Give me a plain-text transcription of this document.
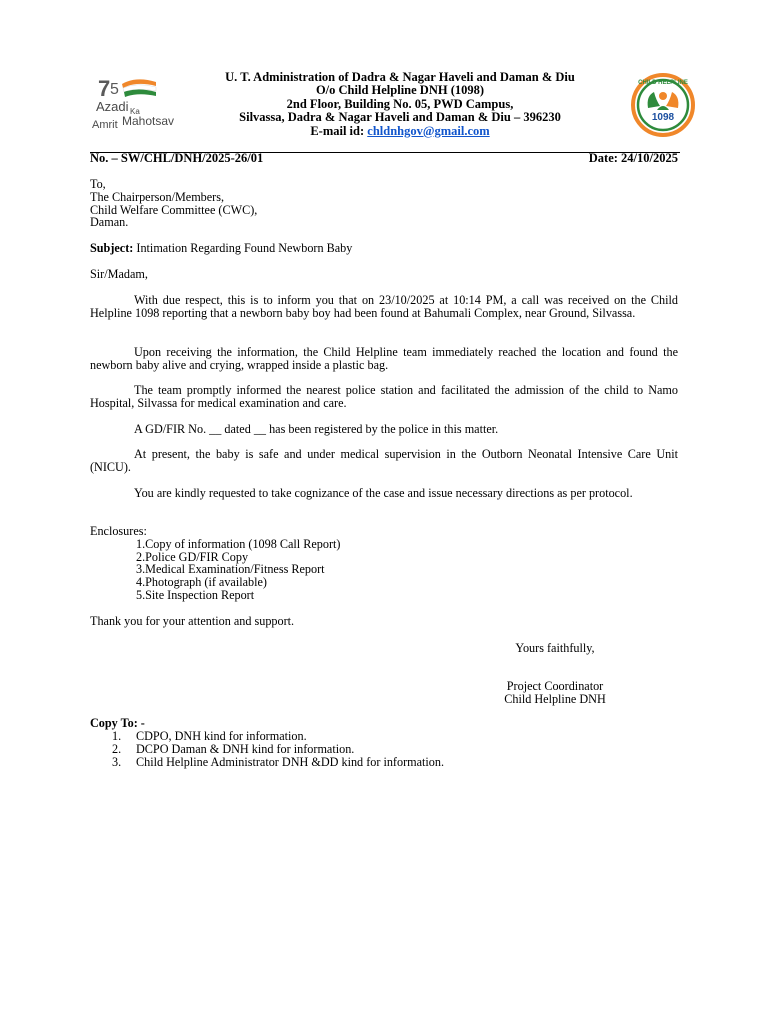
7 5
Azadi Ka
Amrit Mahotsav
U. T. Administration of Dadra & Nagar Haveli and Daman & Diu
O/o Child Helpline DNH (1098)
2nd Floor, Building No. 05, PWD Campus,
Silvassa, Dadra & Nagar Haveli and Daman & Diu – 396230
E-mail id: chldnhgov@gmail.com
CHILD HELPLINE
1098
No. – SW/CHL/DNH/2025-26/01	Date: 24/10/2025
To,
The Chairperson/Members,
Child Welfare Committee (CWC),
Daman.
Subject: Intimation Regarding Found Newborn Baby
Sir/Madam,
With due respect, this is to inform you that on 23/10/2025 at 10:14 PM, a call was received on the Child Helpline 1098 reporting that a newborn baby boy had been found at Bahumali Complex, near Ground, Silvassa.
Upon receiving the information, the Child Helpline team immediately reached the location and found the newborn baby alive and crying, wrapped inside a plastic bag.
The team promptly informed the nearest police station and facilitated the admission of the child to Namo Hospital, Silvassa for medical examination and care.
A GD/FIR No. __ dated __ has been registered by the police in this matter.
At present, the baby is safe and under medical supervision in the Outborn Neonatal Intensive Care Unit (NICU).
You are kindly requested to take cognizance of the case and issue necessary directions as per protocol.
Enclosures:
1.Copy of information (1098 Call Report)
2.Police GD/FIR Copy
3.Medical Examination/Fitness Report
4.Photograph (if available)
5.Site Inspection Report
Thank you for your attention and support.
Yours faithfully,
Project Coordinator
Child Helpline DNH
Copy To: -
1. CDPO, DNH kind for information.
2. DCPO Daman & DNH kind for information.
3. Child Helpline Administrator DNH &DD kind for information.
